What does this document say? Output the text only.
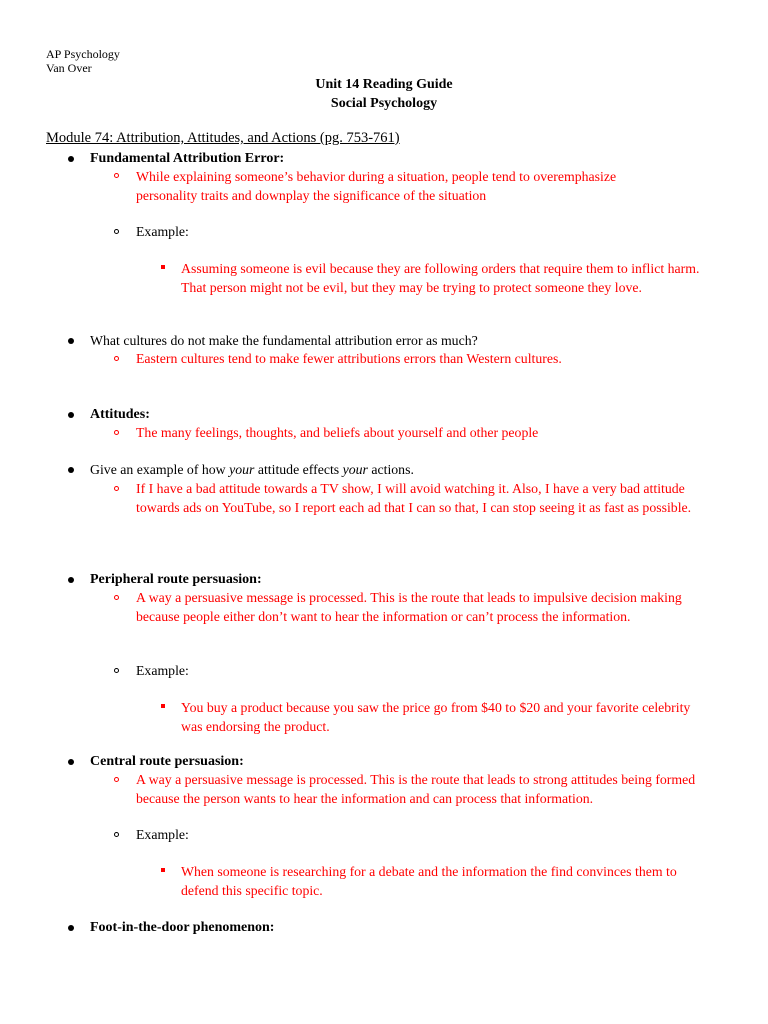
AP Psychology
Van Over
Unit 14 Reading Guide
Social Psychology
Module 74: Attribution, Attitudes, and Actions (pg. 753-761)
Fundamental Attribution Error:
While explaining someone’s behavior during a situation, people tend to overemphasize personality traits and downplay the significance of the situation
Example:
Assuming someone is evil because they are following orders that require them to inflict harm. That person might not be evil, but they may be trying to protect someone they love.
What cultures do not make the fundamental attribution error as much?
Eastern cultures tend to make fewer attributions errors than Western cultures.
Attitudes:
The many feelings, thoughts, and beliefs about yourself and other people
Give an example of how your attitude effects your actions.
If I have a bad attitude towards a TV show, I will avoid watching it. Also, I have a very bad attitude towards ads on YouTube, so I report each ad that I can so that, I can stop seeing it as fast as possible.
Peripheral route persuasion:
A way a persuasive message is processed. This is the route that leads to impulsive decision making because people either don’t want to hear the information or can’t process the information.
Example:
You buy a product because you saw the price go from $40 to $20 and your favorite celebrity was endorsing the product.
Central route persuasion:
A way a persuasive message is processed. This is the route that leads to strong attitudes being formed because the person wants to hear the information and can process that information.
Example:
When someone is researching for a debate and the information the find convinces them to defend this specific topic.
Foot-in-the-door phenomenon:
